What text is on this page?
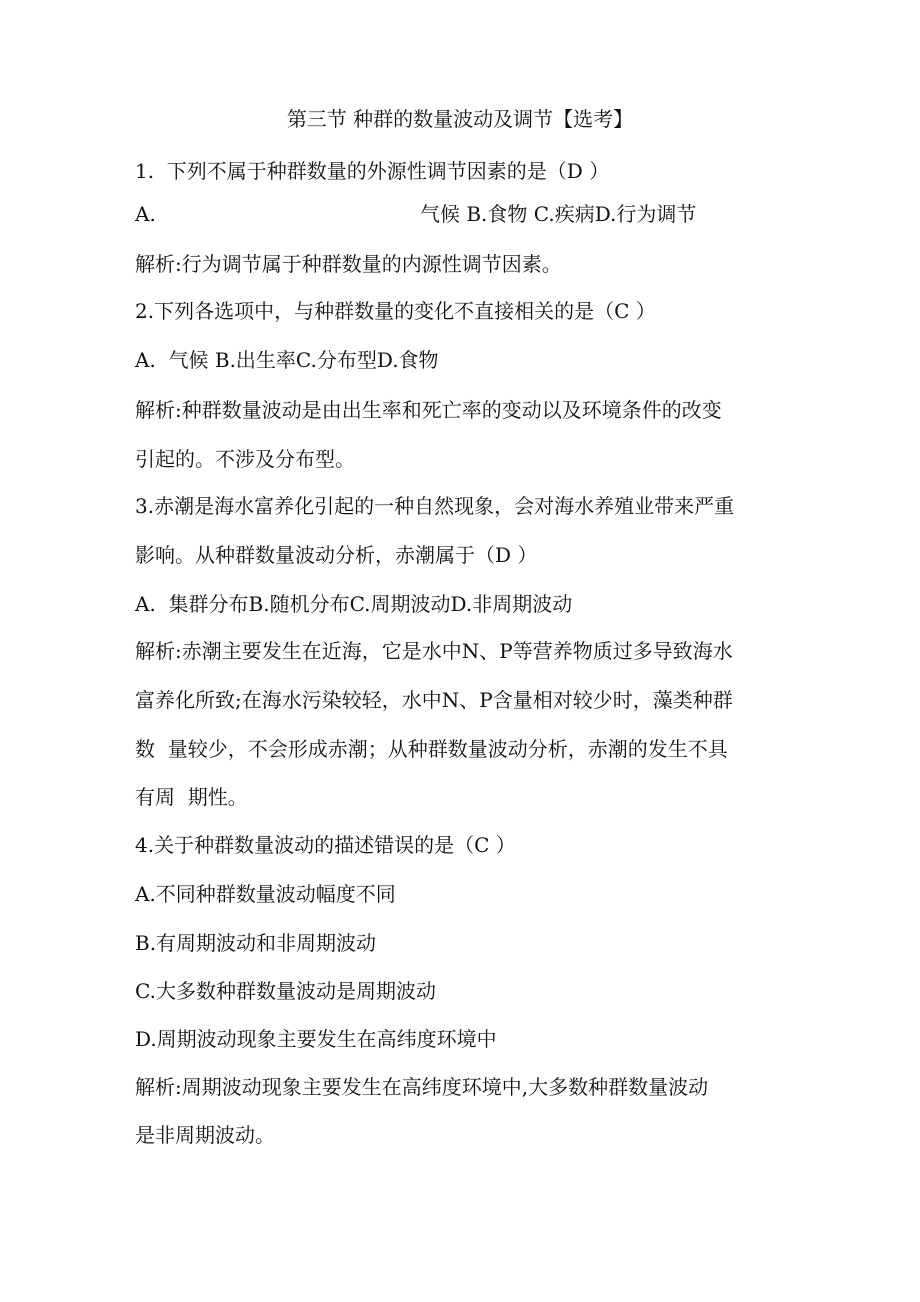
第三节 种群的数量波动及调节【选考】
1.  下列不属于种群数量的外源性调节因素的是（D ）
A.	气候 B.食物 C.疾病D.行为调节
解析:行为调节属于种群数量的内源性调节因素。
2.下列各选项中，与种群数量的变化不直接相关的是（C ）
A.  气候 B.出生率C.分布型D.食物
解析:种群数量波动是由出生率和死亡率的变动以及环境条件的改变
引起的。不涉及分布型。
3.赤潮是海水富养化引起的一种自然现象，会对海水养殖业带来严重
影响。从种群数量波动分析，赤潮属于（D ）
A.  集群分布B.随机分布C.周期波动D.非周期波动
解析:赤潮主要发生在近海，它是水中N、P等营养物质过多导致海水
富养化所致;在海水污染较轻，水中N、P含量相对较少时，藻类种群
数  量较少，不会形成赤潮；从种群数量波动分析，赤潮的发生不具
有周  期性。
4.关于种群数量波动的描述错误的是（C ）
A.不同种群数量波动幅度不同
B.有周期波动和非周期波动
C.大多数种群数量波动是周期波动
D.周期波动现象主要发生在高纬度环境中
解析:周期波动现象主要发生在高纬度环境中,大多数种群数量波动
是非周期波动。
